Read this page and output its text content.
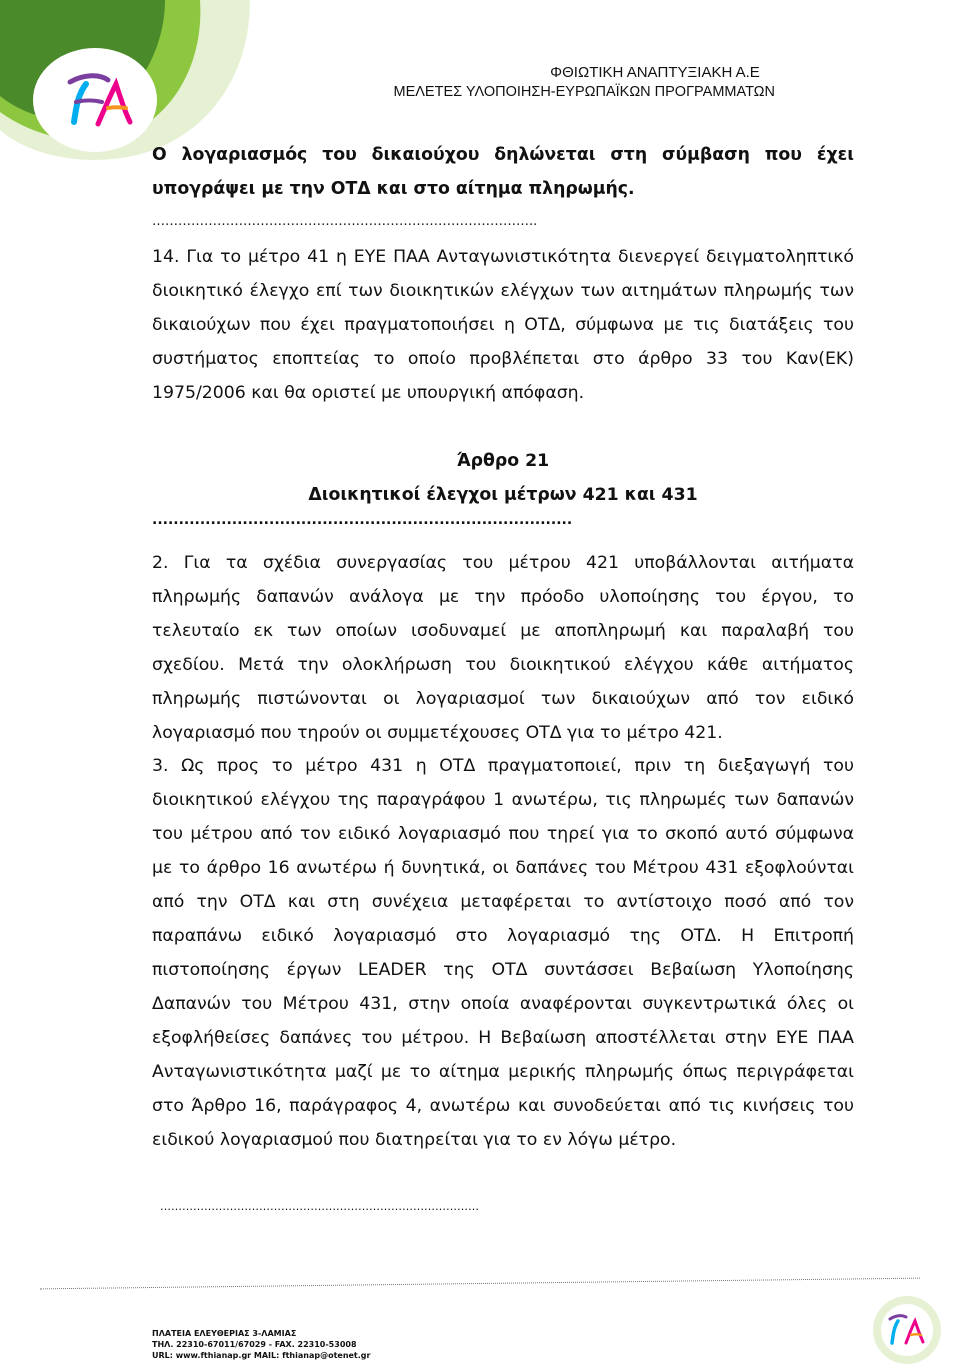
ΦΘΙΩΤΙΚΗ ΑΝΑΠΤΥΞΙΑΚΗ Α.Ε
ΜΕΛΕΤΕΣ ΥΛΟΠΟΙΗΣΗ-ΕΥΡΩΠΑΪΚΩΝ ΠΡΟΓΡΑΜΜΑΤΩΝ
Ο λογαριασμός του δικαιούχου δηλώνεται στη σύμβαση που έχει υπογράψει με την ΟΤΔ και στο αίτημα πληρωμής.
……………………………………………………………………………..
14. Για το μέτρο 41 η ΕΥΕ ΠΑΑ Ανταγωνιστικότητα διενεργεί δειγματοληπτικό διοικητικό έλεγχο επί των διοικητικών ελέγχων των αιτημάτων πληρωμής των δικαιούχων που έχει πραγματοποιήσει η ΟΤΔ, σύμφωνα με τις διατάξεις του συστήματος εποπτείας το οποίο προβλέπεται στο άρθρο 33 του Καν(ΕΚ) 1975/2006 και θα οριστεί με υπουργική απόφαση.
Άρθρο 21
Διοικητικοί έλεγχοι μέτρων 421 και 431
...............................................................................
2. Για τα σχέδια συνεργασίας του μέτρου 421 υποβάλλονται αιτήματα πληρωμής δαπανών ανάλογα με την πρόοδο υλοποίησης του έργου, το τελευταίο εκ των οποίων ισοδυναμεί με αποπληρωμή και παραλαβή του σχεδίου. Μετά την ολοκλήρωση του διοικητικού ελέγχου κάθε αιτήματος πληρωμής πιστώνονται οι λογαριασμοί των δικαιούχων από τον ειδικό λογαριασμό που τηρούν οι συμμετέχουσες ΟΤΔ για το μέτρο 421.
3. Ως προς το μέτρο 431 η ΟΤΔ πραγματοποιεί, πριν τη διεξαγωγή του διοικητικού ελέγχου της παραγράφου 1 ανωτέρω, τις πληρωμές των δαπανών του μέτρου από τον ειδικό λογαριασμό που τηρεί για το σκοπό αυτό σύμφωνα με το άρθρο 16 ανωτέρω ή δυνητικά, οι δαπάνες του Μέτρου 431 εξοφλούνται από την ΟΤΔ και στη συνέχεια μεταφέρεται το αντίστοιχο ποσό από τον παραπάνω ειδικό λογαριασμό στο λογαριασμό της ΟΤΔ. Η Επιτροπή πιστοποίησης έργων LEADER της ΟΤΔ συντάσσει Βεβαίωση Υλοποίησης Δαπανών του Μέτρου 431, στην οποία αναφέρονται συγκεντρωτικά όλες οι εξοφλήθείσες δαπάνες του μέτρου. Η Βεβαίωση αποστέλλεται στην ΕΥΕ ΠΑΑ Ανταγωνιστικότητα μαζί με το αίτημα μερικής πληρωμής όπως περιγράφεται στο Άρθρο 16, παράγραφος 4, ανωτέρω και συνοδεύεται από τις κινήσεις του ειδικού λογαριασμού που διατηρείται για το εν λόγω μέτρο.
……………………………………………………………………………
ΠΛΑΤΕΙΑ ΕΛΕΥΘΕΡΙΑΣ 3-ΛΑΜΙΑΣ
ΤΗΛ. 22310-67011/67029 - FAX. 22310-53008
URL: www.fthianap.gr MAIL: fthianap@otenet.gr
